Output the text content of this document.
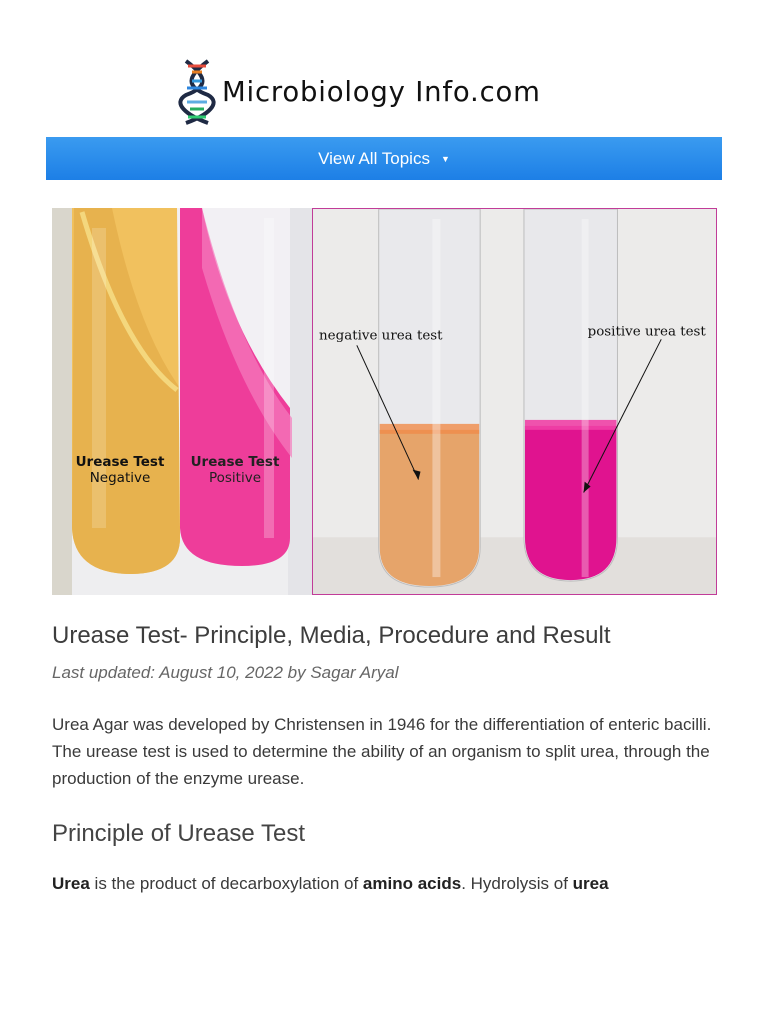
Microbiology Info.com
View All Topics ▼
Urease Test
Negative
Urease Test
Positive
negative urea test	positive urea test
Urease Test- Principle, Media, Procedure and Result
Last updated: August 10, 2022 by Sagar Aryal

Urea Agar was developed by Christensen in 1946 for the differentiation of enteric bacilli. The urease test is used to determine the ability of an organism to split urea, through the production of the enzyme urease.

Principle of Urease Test

Urea is the product of decarboxylation of amino acids. Hydrolysis of urea
